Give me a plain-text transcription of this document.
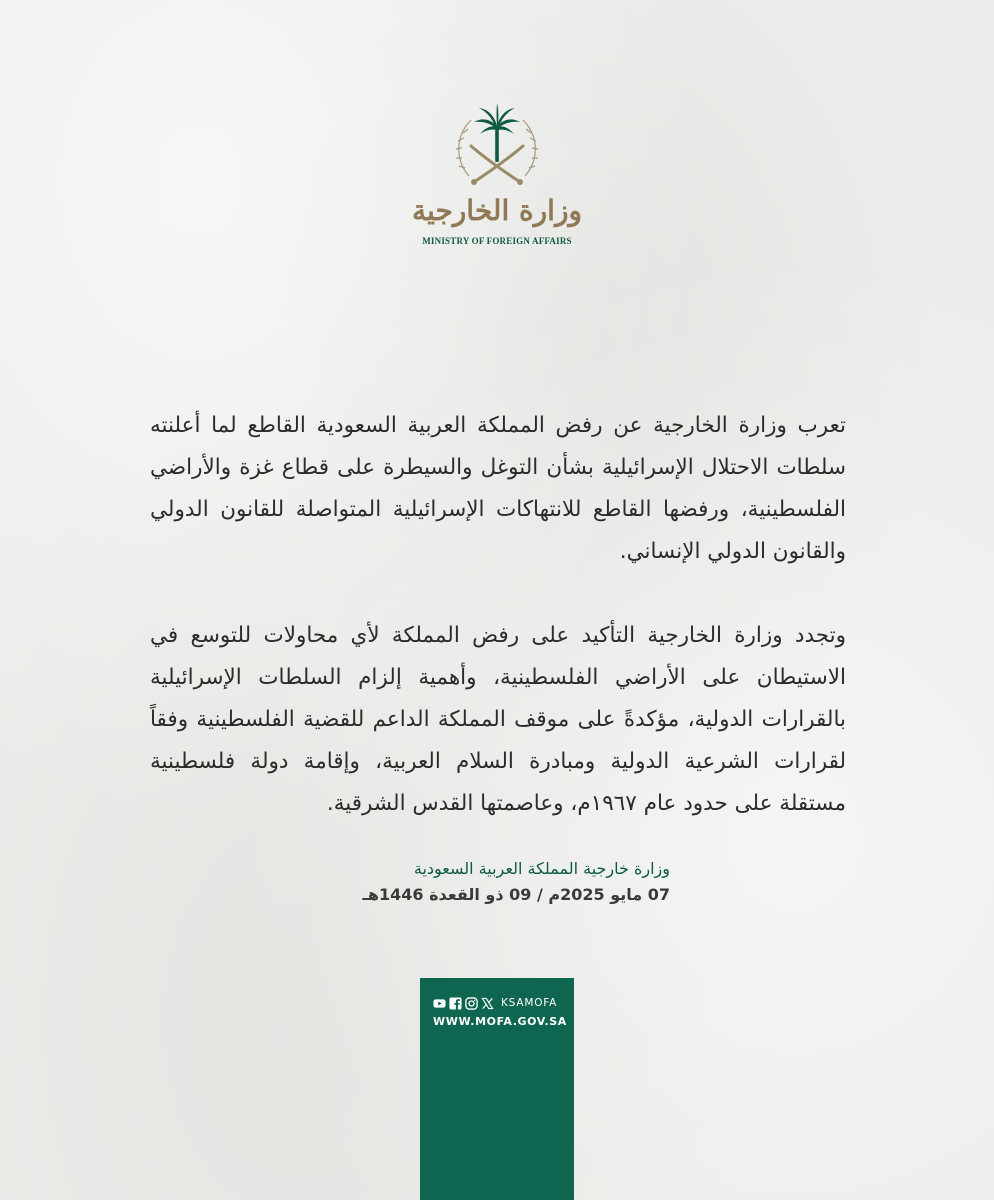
وزارة الخارجية
MINISTRY OF FOREIGN AFFAIRS

تعرب وزارة الخارجية عن رفض المملكة العربية السعودية القاطع لما أعلنته سلطات الاحتلال الإسرائيلية بشأن التوغل والسيطرة على قطاع غزة والأراضي الفلسطينية، ورفضها القاطع للانتهاكات الإسرائيلية المتواصلة للقانون الدولي والقانون الدولي الإنساني.

وتجدد وزارة الخارجية التأكيد على رفض المملكة لأي محاولات للتوسع في الاستيطان على الأراضي الفلسطينية، وأهمية إلزام السلطات الإسرائيلية بالقرارات الدولية، مؤكدةً على موقف المملكة الداعم للقضية الفلسطينية وفقاً لقرارات الشرعية الدولية ومبادرة السلام العربية، وإقامة دولة فلسطينية مستقلة على حدود عام ١٩٦٧م، وعاصمتها القدس الشرقية.

وزارة خارجية المملكة العربية السعودية
07 مايو 2025م / 09 ذو القعدة 1446هـ
KSAMOFA
WWW.MOFA.GOV.SA
